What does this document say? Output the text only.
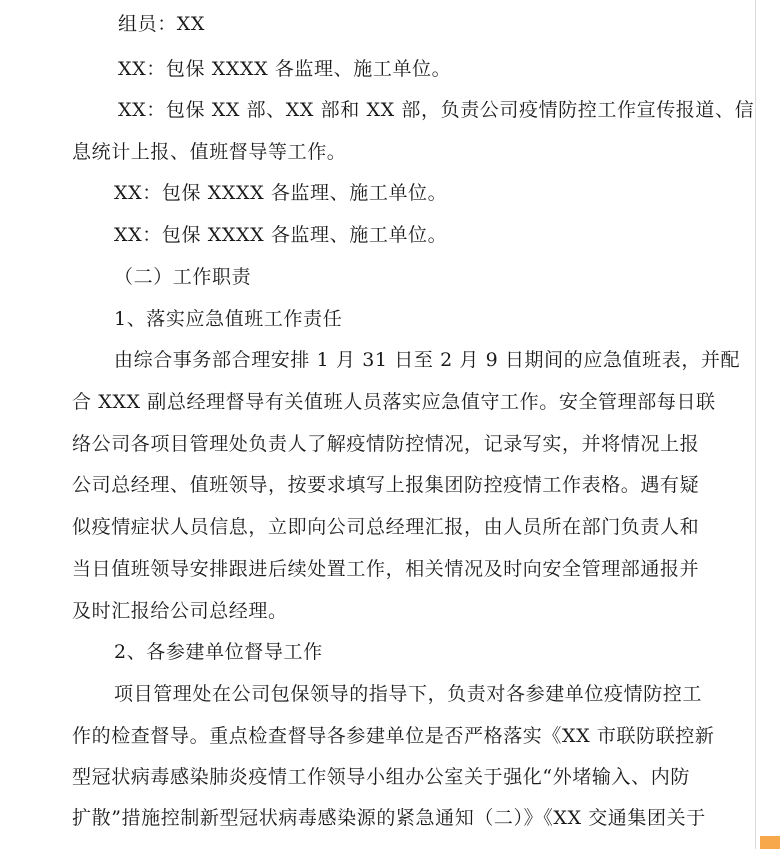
组员：XX
XX：包保 XXXX 各监理、施工单位。
XX：包保 XX 部、XX 部和 XX 部，负责公司疫情防控工作宣传报道、信
息统计上报、值班督导等工作。
XX：包保 XXXX 各监理、施工单位。
XX：包保 XXXX 各监理、施工单位。
（二）工作职责
1、落实应急值班工作责任
由综合事务部合理安排 1 月 31 日至 2 月 9 日期间的应急值班表，并配
合 XXX 副总经理督导有关值班人员落实应急值守工作。安全管理部每日联
络公司各项目管理处负责人了解疫情防控情况，记录写实，并将情况上报
公司总经理、值班领导，按要求填写上报集团防控疫情工作表格。遇有疑
似疫情症状人员信息，立即向公司总经理汇报，由人员所在部门负责人和
当日值班领导安排跟进后续处置工作，相关情况及时向安全管理部通报并
及时汇报给公司总经理。
2、各参建单位督导工作
项目管理处在公司包保领导的指导下，负责对各参建单位疫情防控工
作的检查督导。重点检查督导各参建单位是否严格落实《XX 市联防联控新
型冠状病毒感染肺炎疫情工作领导小组办公室关于强化“外堵输入、内防
扩散”措施控制新型冠状病毒感染源的紧急通知（二）》《XX 交通集团关于
